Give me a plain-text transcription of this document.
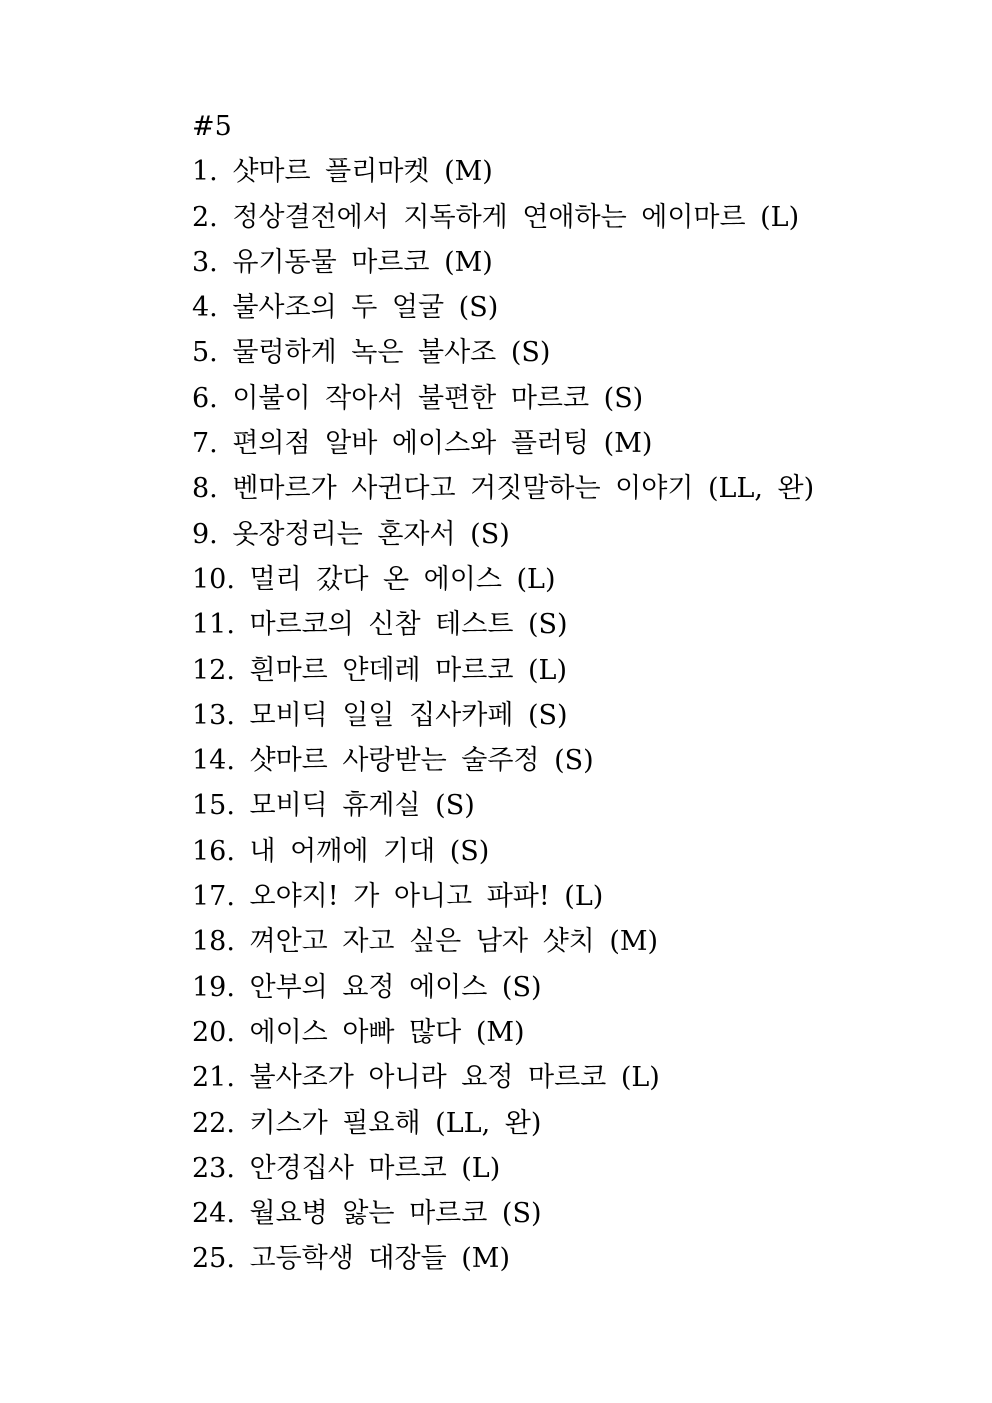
#5
1. 샷마르 플리마켓 (M)
2. 정상결전에서 지독하게 연애하는 에이마르 (L)
3. 유기동물 마르코 (M)
4. 불사조의 두 얼굴 (S)
5. 물렁하게 녹은 불사조 (S)
6. 이불이 작아서 불편한 마르코 (S)
7. 편의점 알바 에이스와 플러팅 (M)
8. 벤마르가 사귄다고 거짓말하는 이야기 (LL, 완)
9. 옷장정리는 혼자서 (S)
10. 멀리 갔다 온 에이스 (L)
11. 마르코의 신참 테스트 (S)
12. 흰마르 얀데레 마르코 (L)
13. 모비딕 일일 집사카페 (S)
14. 샷마르 사랑받는 술주정 (S)
15. 모비딕 휴게실 (S)
16. 내 어깨에 기대 (S)
17. 오야지! 가 아니고 파파! (L)
18. 껴안고 자고 싶은 남자 샷치 (M)
19. 안부의 요정 에이스 (S)
20. 에이스 아빠 많다 (M)
21. 불사조가 아니라 요정 마르코 (L)
22. 키스가 필요해 (LL, 완)
23. 안경집사 마르코 (L)
24. 월요병 앓는 마르코 (S)
25. 고등학생 대장들 (M)
